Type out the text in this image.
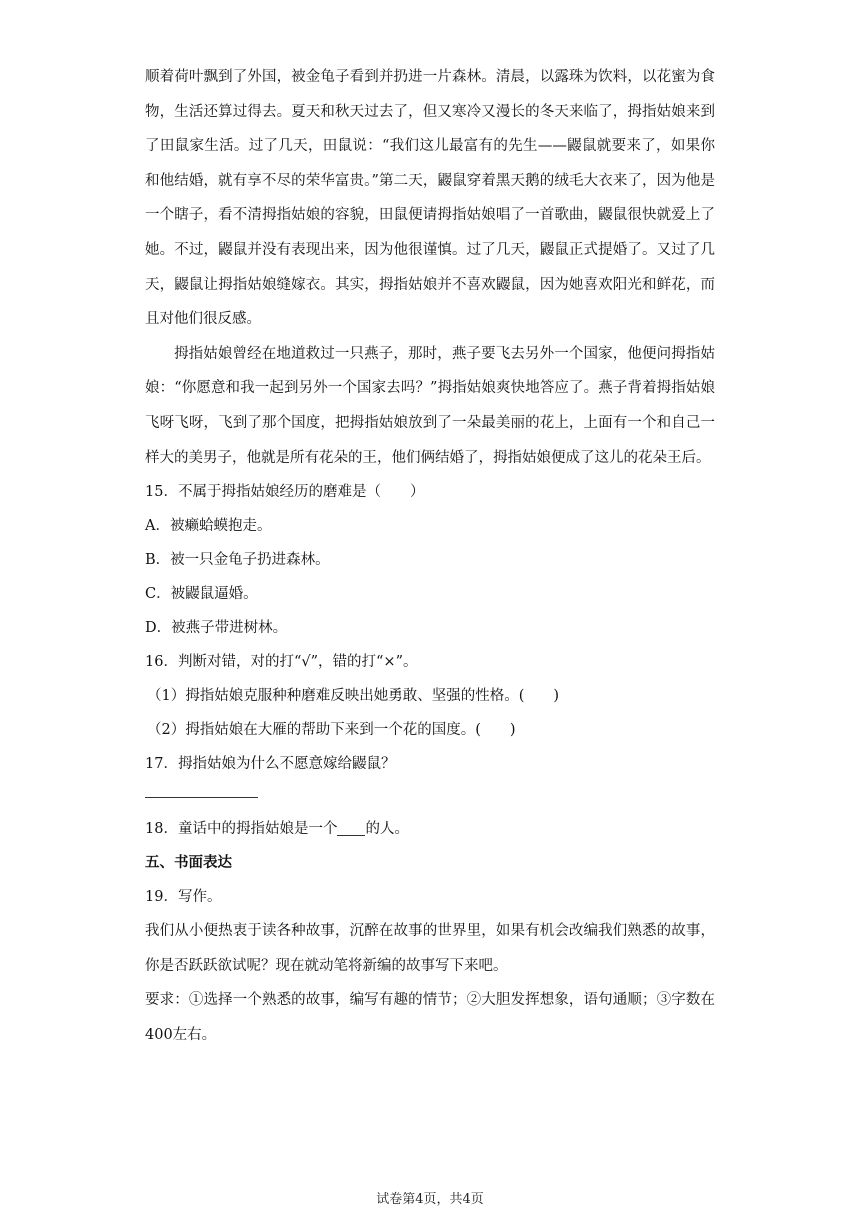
顺着荷叶飘到了外国，被金龟子看到并扔进一片森林。清晨，以露珠为饮料，以花蜜为食物，生活还算过得去。夏天和秋天过去了，但又寒冷又漫长的冬天来临了，拇指姑娘来到了田鼠家生活。过了几天，田鼠说：“我们这儿最富有的先生——鼹鼠就要来了，如果你和他结婚，就有享不尽的荣华富贵。”第二天，鼹鼠穿着黑天鹅的绒毛大衣来了，因为他是一个瞎子，看不清拇指姑娘的容貌，田鼠便请拇指姑娘唱了一首歌曲，鼹鼠很快就爱上了她。不过，鼹鼠并没有表现出来，因为他很谨慎。过了几天，鼹鼠正式提婚了。又过了几天，鼹鼠让拇指姑娘缝嫁衣。其实，拇指姑娘并不喜欢鼹鼠，因为她喜欢阳光和鲜花，而且对他们很反感。

拇指姑娘曾经在地道救过一只燕子，那时，燕子要飞去另外一个国家，他便问拇指姑娘：“你愿意和我一起到另外一个国家去吗？”拇指姑娘爽快地答应了。燕子背着拇指姑娘飞呀飞呀，飞到了那个国度，把拇指姑娘放到了一朵最美丽的花上，上面有一个和自己一样大的美男子，他就是所有花朵的王，他们俩结婚了，拇指姑娘便成了这儿的花朵王后。

15．不属于拇指姑娘经历的磨难是（　　）

A．被癞蛤蟆抱走。

B．被一只金龟子扔进森林。

C．被鼹鼠逼婚。

D．被燕子带进树林。

16．判断对错，对的打“√”，错的打“×”。

（1）拇指姑娘克服种种磨难反映出她勇敢、坚强的性格。(　　)

（2）拇指姑娘在大雁的帮助下来到一个花的国度。(　　)

17．拇指姑娘为什么不愿意嫁给鼹鼠？

18．童话中的拇指姑娘是一个 的人。

五、书面表达

19．写作。

我们从小便热衷于读各种故事，沉醉在故事的世界里，如果有机会改编我们熟悉的故事，你是否跃跃欲试呢？现在就动笔将新编的故事写下来吧。

要求：①选择一个熟悉的故事，编写有趣的情节；②大胆发挥想象，语句通顺；③字数在400左右。

试卷第4页，共4页
